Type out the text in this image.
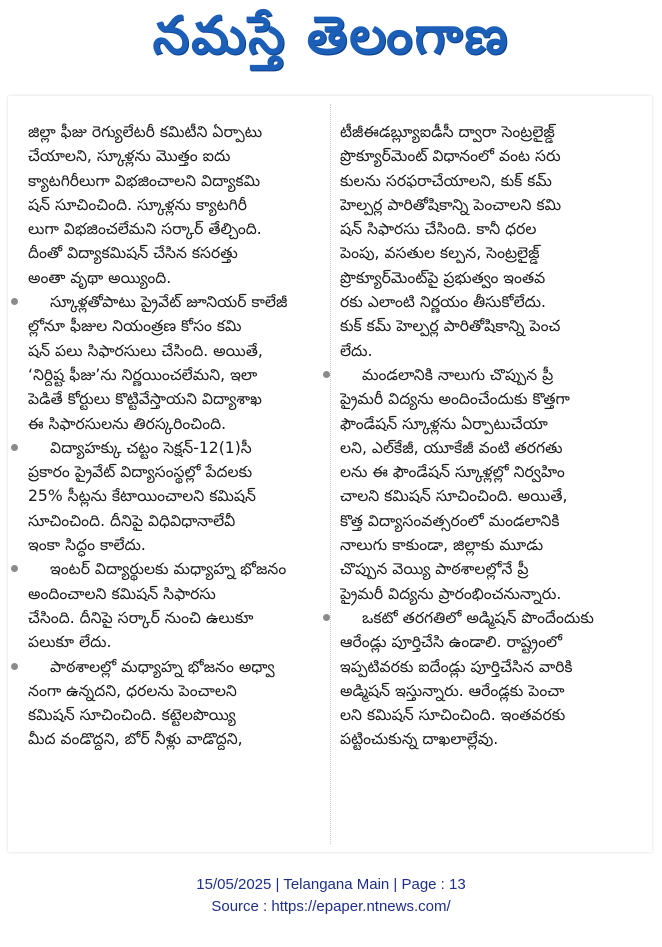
నమస్తే తెలంగాణ
జిల్లా ఫీజు రెగ్యులేటరీ కమిటీని ఏర్పాటు
చేయాలని, స్కూళ్లను మొత్తం ఐదు
క్యాటగిరీలుగా విభజించాలని విద్యాకమి
షన్ సూచించింది. స్కూళ్లను క్యాటగిరీ
లుగా విభజించలేమని సర్కార్ తేల్చింది.
దీంతో విద్యాకమిషన్ చేసిన కసరత్తు
అంతా వృథా అయ్యింది.
స్కూళ్లతోపాటు ప్రైవేట్ జూనియర్ కాలేజీ
ల్లోనూ ఫీజుల నియంత్రణ కోసం కమి
షన్ పలు సిఫారసులు చేసింది. అయితే,
‘నిర్దిష్ట ఫీజు’ను నిర్ణయించలేమని, ఇలా
పెడితే కోర్టులు కొట్టివేస్తాయని విద్యాశాఖ
ఈ సిఫారసులను తిరస్కరించింది.
విద్యాహక్కు చట్టం సెక్షన్-12(1)సీ
ప్రకారం ప్రైవేట్ విద్యాసంస్థల్లో పేదలకు
25% సీట్లను కేటాయించాలని కమిషన్
సూచించింది. దీనిపై విధివిధానాలేవీ
ఇంకా సిద్ధం కాలేదు.
ఇంటర్ విద్యార్థులకు మధ్యాహ్న భోజనం
అందించాలని కమిషన్ సిఫారసు
చేసింది. దీనిపై సర్కార్ నుంచి ఉలుకూ
పలుకూ లేదు.
పాఠశాలల్లో మధ్యాహ్న భోజనం అధ్వా
నంగా ఉన్నదని, ధరలను పెంచాలని
కమిషన్ సూచించింది. కట్టెలపొయ్యి
మీద వండొద్దని, బోర్ నీళ్లు వాడొద్దని,
టీజీఈడబ్ల్యూఐడీసీ ద్వారా సెంట్రలైజ్డ్
ప్రొక్యూర్‌మెంట్ విధానంలో వంట సరు
కులను సరఫరాచేయాలని, కుక్ కమ్
హెల్పర్ల పారితోషికాన్ని పెంచాలని కమి
షన్ సిఫారసు చేసింది. కానీ ధరల
పెంపు, వసతుల కల్పన, సెంట్రలైజ్డ్
ప్రొక్యూర్‌మెంట్‌పై ప్రభుత్వం ఇంతవ
రకు ఎలాంటి నిర్ణయం తీసుకోలేదు.
కుక్ కమ్ హెల్పర్ల పారితోషికాన్ని పెంచ
లేదు.
మండలానికి నాలుగు చొప్పున ప్రీ
ప్రైమరీ విద్యను అందించేందుకు కొత్తగా
ఫౌండేషన్ స్కూళ్లను ఏర్పాటుచేయా
లని, ఎల్‌కేజీ, యూకేజీ వంటి తరగతు
లను ఈ ఫౌండేషన్ స్కూళ్లల్లో నిర్వహిం
చాలని కమిషన్ సూచించింది. అయితే,
కొత్త విద్యాసంవత్సరంలో మండలానికి
నాలుగు కాకుండా, జిల్లాకు మూడు
చొప్పున వెయ్యి పాఠశాలల్లోనే ప్రీ
ప్రైమరీ విద్యను ప్రారంభించనున్నారు.
ఒకటో తరగతిలో అడ్మిషన్ పొందేందుకు
ఆరేండ్లు పూర్తిచేసి ఉండాలి. రాష్ట్రంలో
ఇప్పటివరకు ఐదేండ్లు పూర్తిచేసిన వారికి
అడ్మిషన్ ఇస్తున్నారు. ఆరేండ్లకు పెంచా
లని కమిషన్ సూచించింది. ఇంతవరకు
పట్టించుకున్న దాఖలాల్లేవు.
15/05/2025 | Telangana Main | Page : 13
Source : https://epaper.ntnews.com/
